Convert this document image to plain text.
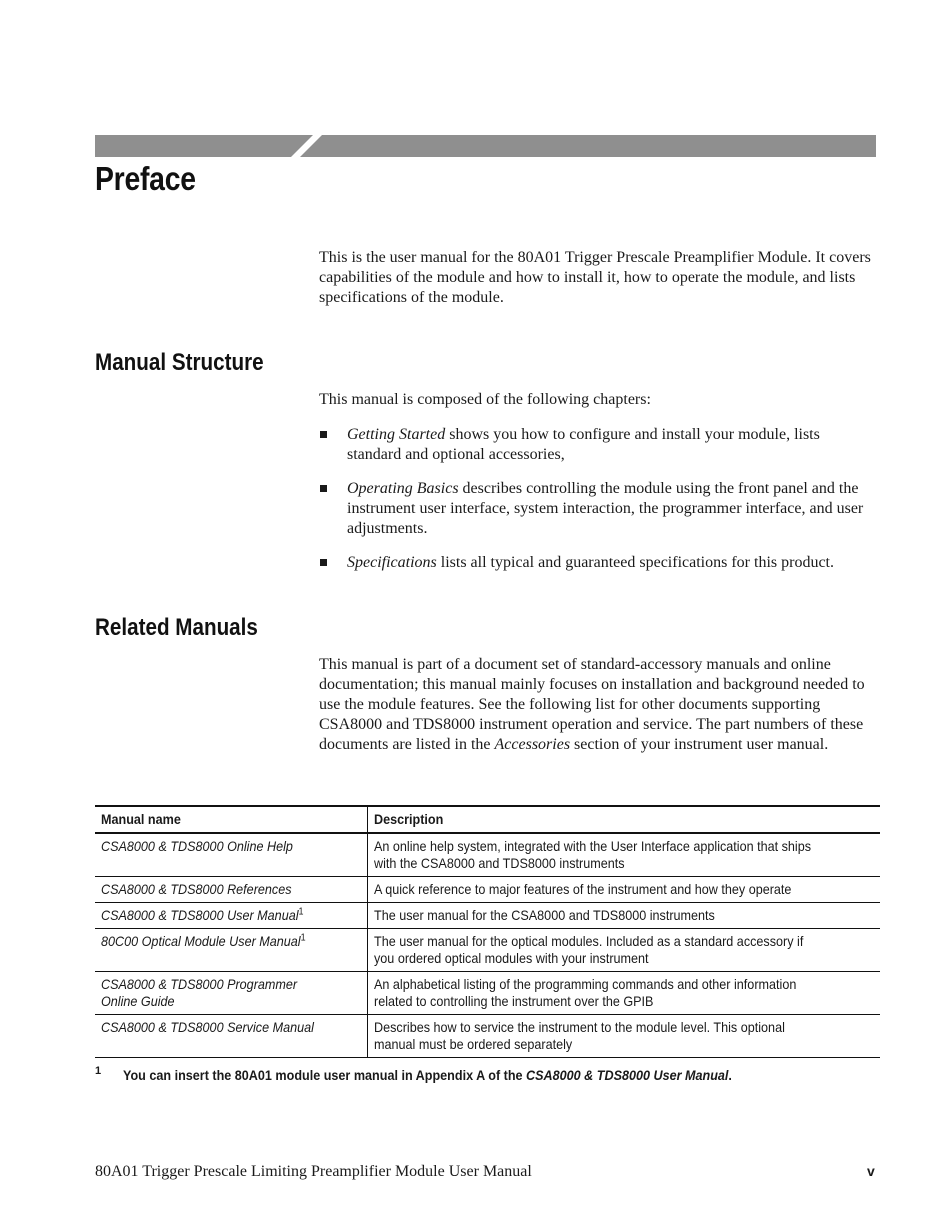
Preface

This is the user manual for the 80A01 Trigger Prescale Preamplifier Module. It covers capabilities of the module and how to install it, how to operate the module, and lists specifications of the module.

Manual Structure

This manual is composed of the following chapters:

Getting Started shows you how to configure and install your module, lists standard and optional accessories,
Operating Basics describes controlling the module using the front panel and the instrument user interface, system interaction, the programmer interface, and user adjustments.
Specifications lists all typical and guaranteed specifications for this product.
Related Manuals

This manual is part of a document set of standard-accessory manuals and online documentation; this manual mainly focuses on installation and background needed to use the module features. See the following list for other documents supporting CSA8000 and TDS8000 instrument operation and service. The part numbers of these documents are listed in the Accessories section of your instrument user manual.

Manual name	Description
CSA8000 & TDS8000 Online Help	An online help system, integrated with the User Interface application that ships with the CSA8000 and TDS8000 instruments
CSA8000 & TDS8000 References	A quick reference to major features of the instrument and how they operate
CSA8000 & TDS8000 User Manual$^1$	The user manual for the CSA8000 and TDS8000 instruments
80C00 Optical Module User Manual$^1$	The user manual for the optical modules. Included as a standard accessory if you ordered optical modules with your instrument
CSA8000 & TDS8000 Programmer Online Guide	An alphabetical listing of the programming commands and other information related to controlling the instrument over the GPIB
CSA8000 & TDS8000 Service Manual	Describes how to service the instrument to the module level. This optional manual must be ordered separately
1 You can insert the 80A01 module user manual in Appendix A of the CSA8000 & TDS8000 User Manual.

80A01 Trigger Prescale Limiting Preamplifier Module User Manual	v
